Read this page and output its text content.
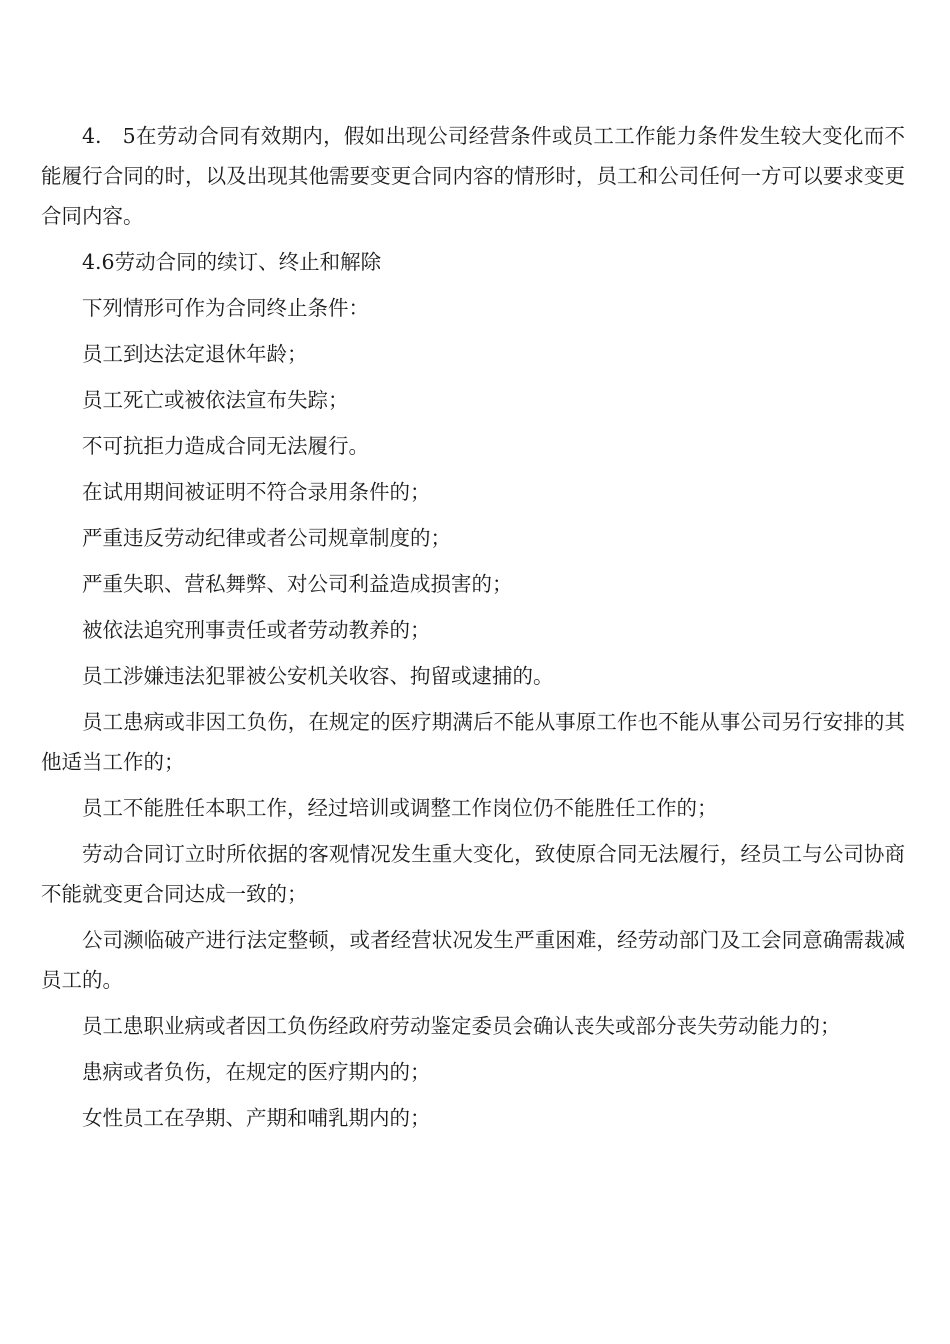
4.　5在劳动合同有效期内，假如出现公司经营条件或员工工作能力条件发生较大变化而不能履行合同的时，以及出现其他需要变更合同内容的情形时，员工和公司任何一方可以要求变更合同内容。

4.6劳动合同的续订、终止和解除

下列情形可作为合同终止条件：

员工到达法定退休年龄；

员工死亡或被依法宣布失踪；

不可抗拒力造成合同无法履行。

在试用期间被证明不符合录用条件的；

严重违反劳动纪律或者公司规章制度的；

严重失职、营私舞弊、对公司利益造成损害的；

被依法追究刑事责任或者劳动教养的；

员工涉嫌违法犯罪被公安机关收容、拘留或逮捕的。

员工患病或非因工负伤，在规定的医疗期满后不能从事原工作也不能从事公司另行安排的其他适当工作的；

员工不能胜任本职工作，经过培训或调整工作岗位仍不能胜任工作的；

劳动合同订立时所依据的客观情况发生重大变化，致使原合同无法履行，经员工与公司协商不能就变更合同达成一致的；

公司濒临破产进行法定整顿，或者经营状况发生严重困难，经劳动部门及工会同意确需裁减员工的。

员工患职业病或者因工负伤经政府劳动鉴定委员会确认丧失或部分丧失劳动能力的；

患病或者负伤，在规定的医疗期内的；

女性员工在孕期、产期和哺乳期内的；
